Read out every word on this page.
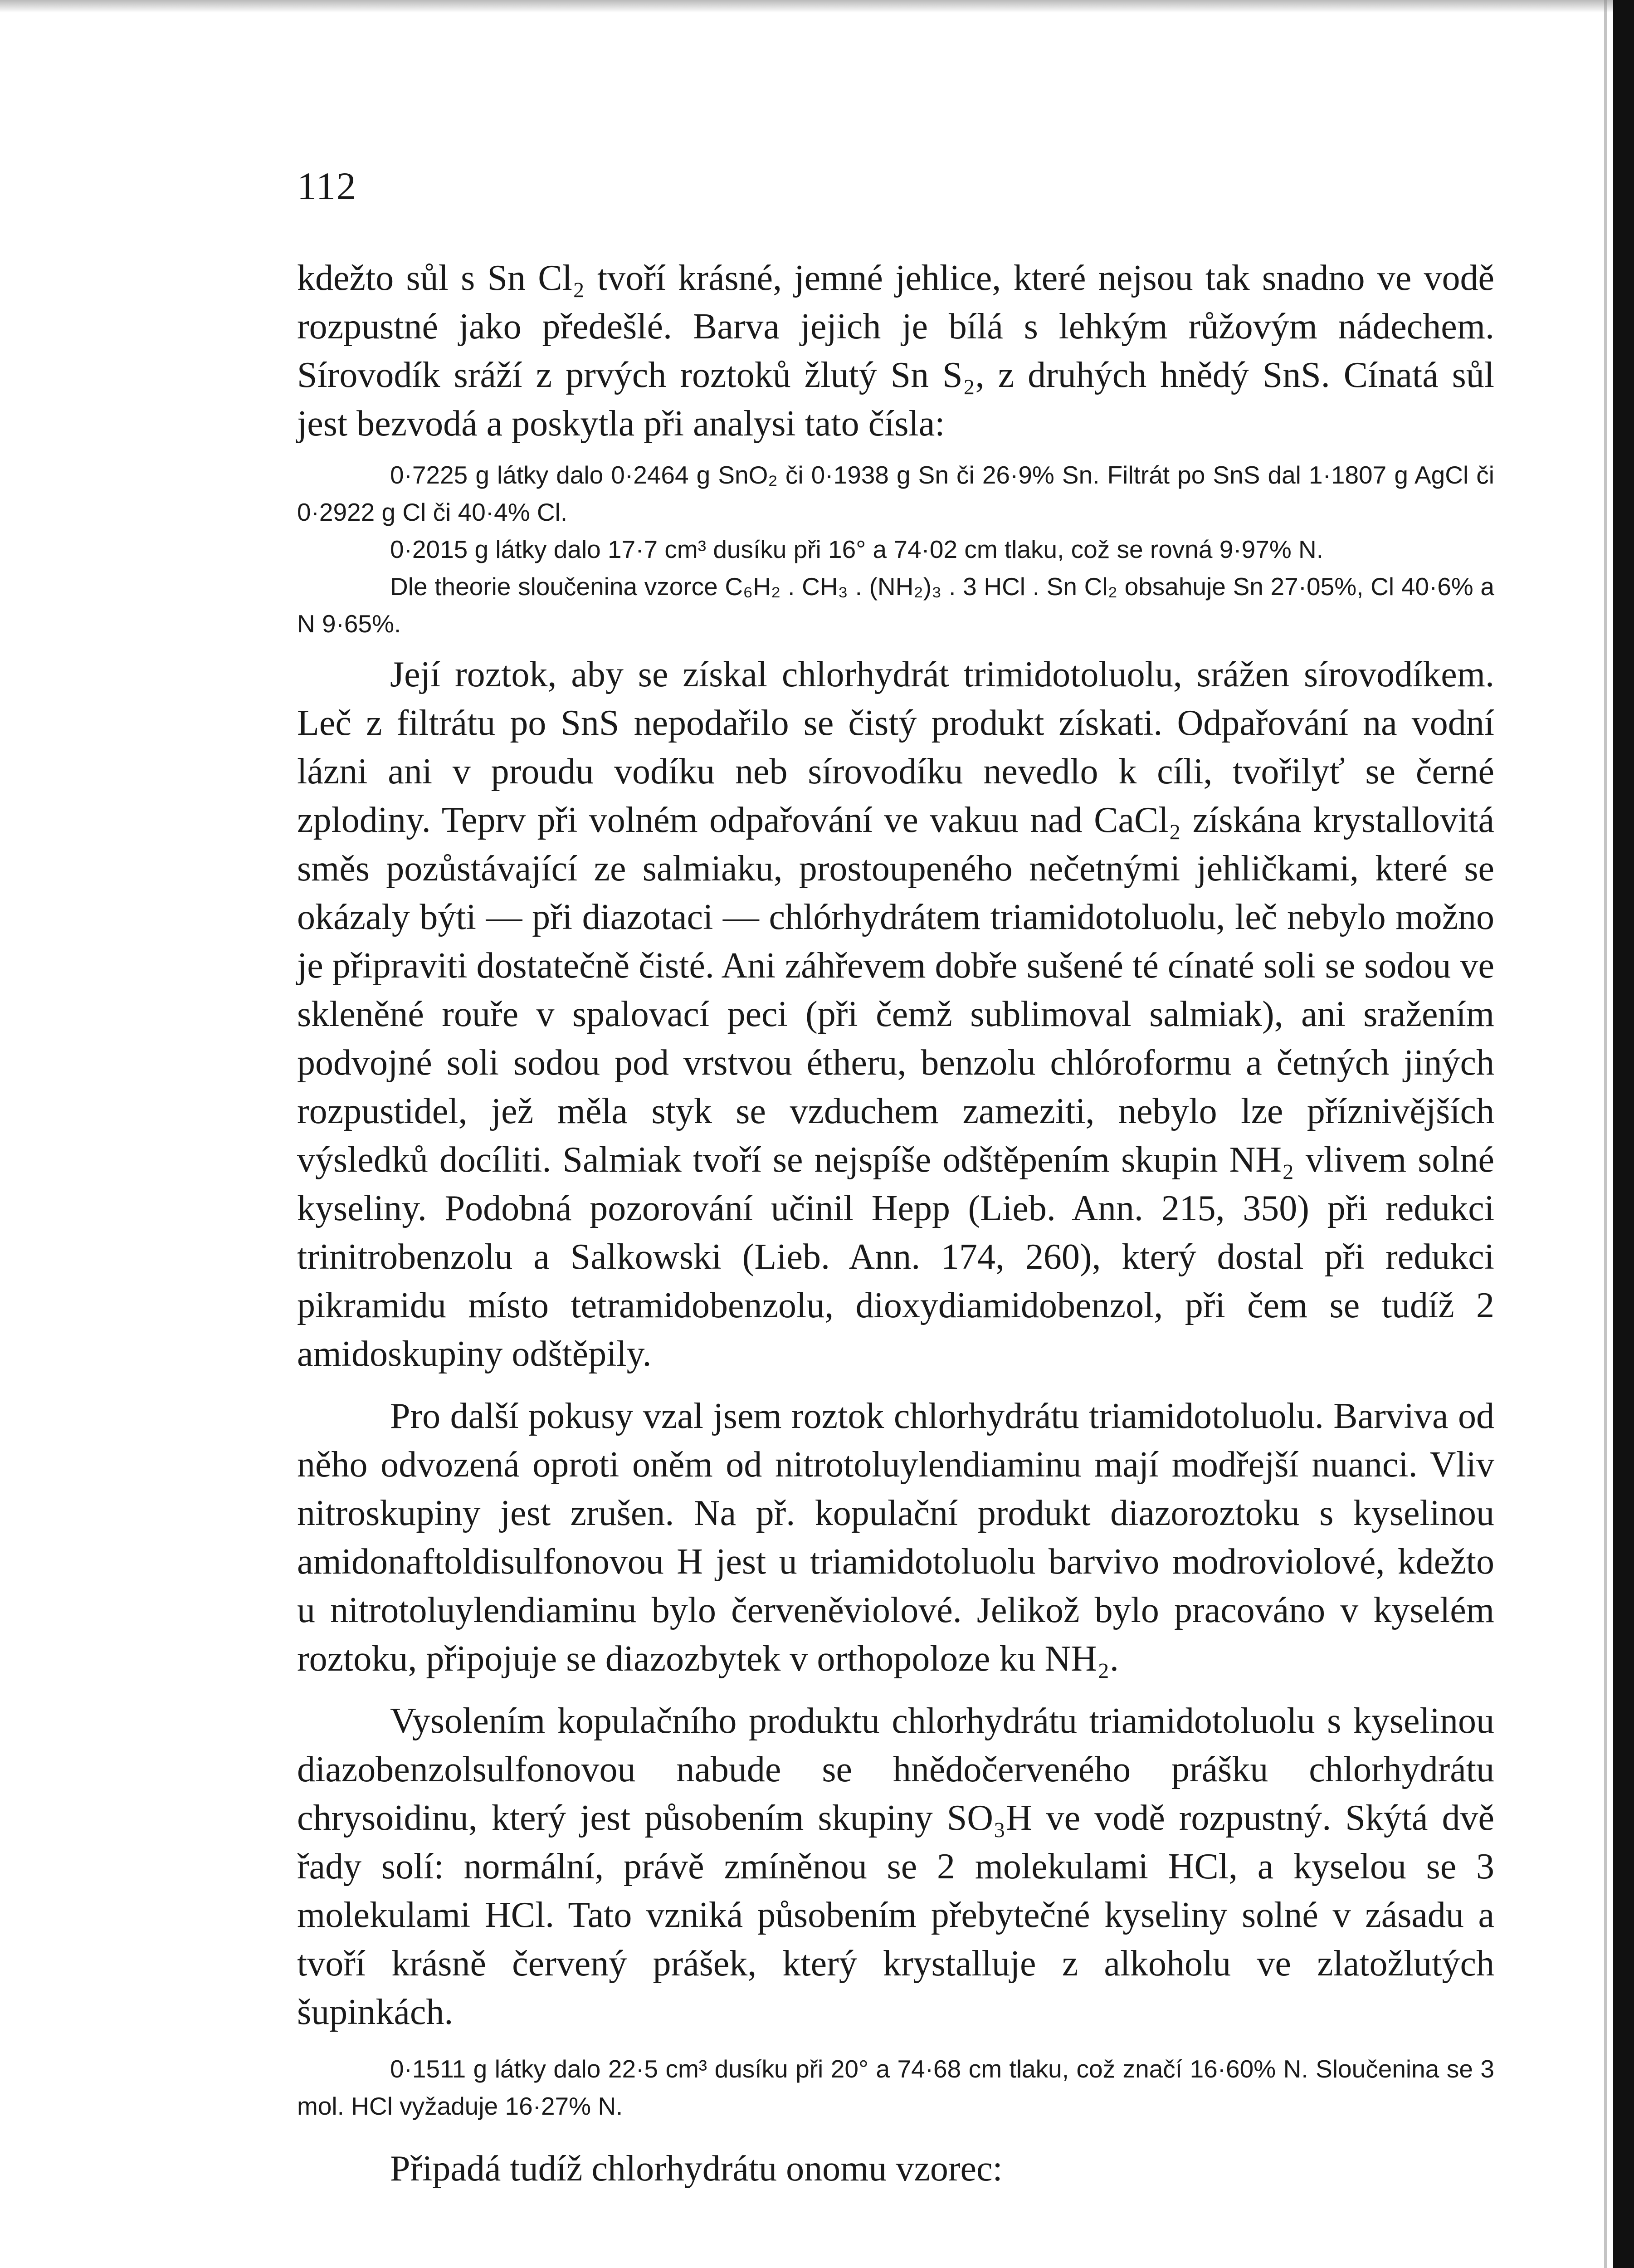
112

kdežto sůl s Sn Cl₂ tvoří krásné, jemné jehlice, které nejsou tak snadno ve vodě rozpustné jako předešlé. Barva jejich je bílá s lehkým růžovým nádechem. Sírovodík sráží z prvých roztoků žlutý Sn S₂, z druhých hnědý SnS. Cínatá sůl jest bezvodá a poskytla při analysi tato čísla:

0·7225 g látky dalo 0·2464 g SnO₂ či 0·1938 g Sn či 26·9% Sn. Filtrát po SnS dal 1·1807 g AgCl či 0·2922 g Cl či 40·4% Cl.

0·2015 g látky dalo 17·7 cm³ dusíku při 16° a 74·02 cm tlaku, což se rovná 9·97% N.

Dle theorie sloučenina vzorce C₆H₂ . CH₃ . (NH₂)₃ . 3 HCl . Sn Cl₂ obsahuje Sn 27·05%, Cl 40·6% a N 9·65%.

Její roztok, aby se získal chlorhydrát trimidotoluolu, srážen sírovodíkem. Leč z filtrátu po SnS nepodařilo se čistý produkt získati. Odpařování na vodní lázni ani v proudu vodíku neb sírovodíku nevedlo k cíli, tvořilyť se černé zplodiny. Teprv při volném odpařování ve vakuu nad CaCl₂ získána krystallovitá směs pozůstávající ze salmiaku, prostoupeného nečetnými jehličkami, které se okázaly býti — při diazotaci — chlórhydrátem triamidotoluolu, leč nebylo možno je připraviti dostatečně čisté. Ani záhřevem dobře sušené té cínaté soli se sodou ve skleněné rouře v spalovací peci (při čemž sublimoval salmiak), ani sražením podvojné soli sodou pod vrstvou étheru, benzolu chlóroformu a četných jiných rozpustidel, jež měla styk se vzduchem zameziti, nebylo lze příznivějších výsledků docíliti. Salmiak tvoří se nejspíše odštěpením skupin NH₂ vlivem solné kyseliny. Podobná pozorování učinil Hepp (Lieb. Ann. 215, 350) při redukci trinitrobenzolu a Salkowski (Lieb. Ann. 174, 260), který dostal při redukci pikramidu místo tetramidobenzolu, dioxydiamidobenzol, při čem se tudíž 2 amidoskupiny odštěpily.

Pro další pokusy vzal jsem roztok chlorhydrátu triamidotoluolu. Barviva od něho odvozená oproti oněm od nitrotoluylendiaminu mají modřejší nuanci. Vliv nitroskupiny jest zrušen. Na př. kopulační produkt diazoroztoku s kyselinou amidonaftoldisulfonovou H jest u triamidotoluolu barvivo modroviolové, kdežto u nitrotoluylendiaminu bylo červeněviolové. Jelikož bylo pracováno v kyselém roztoku, připojuje se diazozbytek v orthopoloze ku NH₂.

Vysolením kopulačního produktu chlorhydrátu triamidotoluolu s kyselinou diazobenzolsulfonovou nabude se hnědočerveného prášku chlorhydrátu chrysoidinu, který jest působením skupiny SO₃H ve vodě rozpustný. Skýtá dvě řady solí: normální, právě zmíněnou se 2 molekulami HCl, a kyselou se 3 molekulami HCl. Tato vzniká působením přebytečné kyseliny solné v zásadu a tvoří krásně červený prášek, který krystalluje z alkoholu ve zlatožlutých šupinkách.

0·1511 g látky dalo 22·5 cm³ dusíku při 20° a 74·68 cm tlaku, což značí 16·60% N. Sloučenina se 3 mol. HCl vyžaduje 16·27% N.

Připadá tudíž chlorhydrátu onomu vzorec:
